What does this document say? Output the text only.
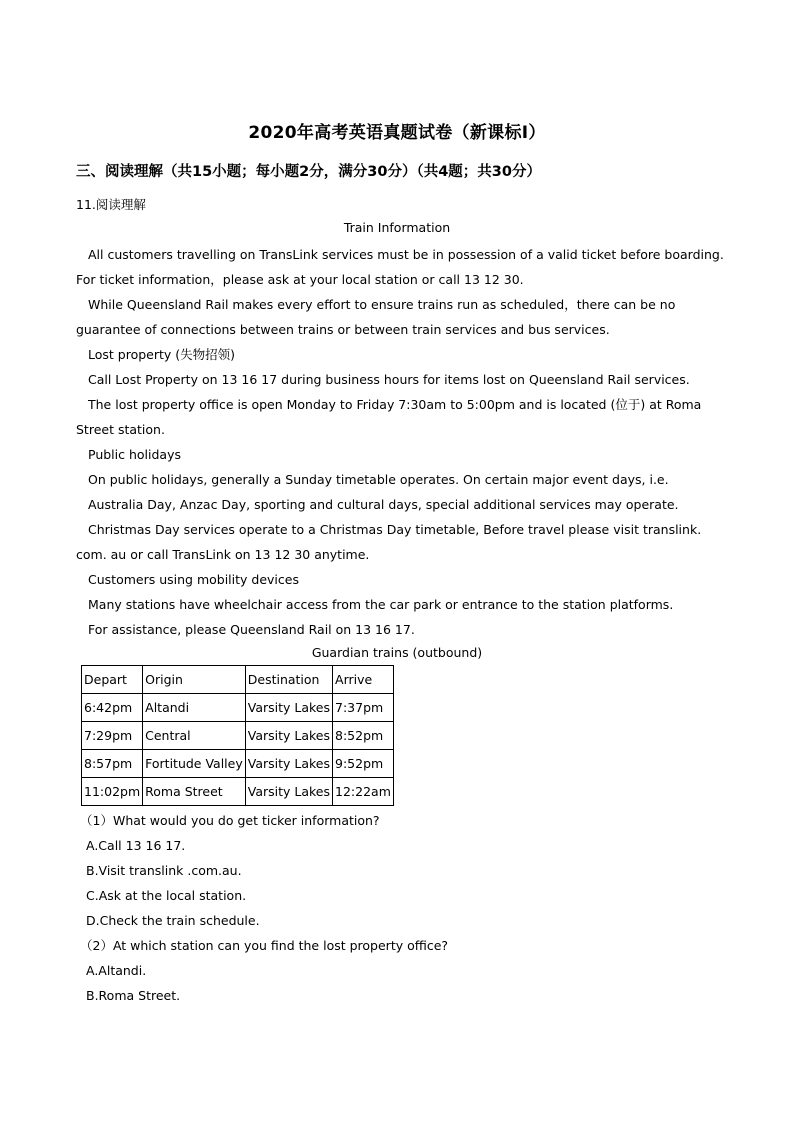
2020年高考英语真题试卷（新课标Ⅰ）
三、阅读理解（共15小题；每小题2分，满分30分）（共4题；共30分）
11.阅读理解
Train Information

All customers travelling on TransLink services must be in possession of a valid ticket before boarding. For ticket information，please ask at your local station or call 13 12 30.

While Queensland Rail makes every effort to ensure trains run as scheduled，there can be no guarantee of connections between trains or between train services and bus services.

Lost property (失物招领)

Call Lost Property on 13 16 17 during business hours for items lost on Queensland Rail services.

The lost property office is open Monday to Friday 7:30am to 5:00pm and is located (位于) at Roma Street station.

Public holidays

On public holidays, generally a Sunday timetable operates. On certain major event days, i.e.

Australia Day, Anzac Day, sporting and cultural days, special additional services may operate.

Christmas Day services operate to a Christmas Day timetable, Before travel please visit translink. com. au or call TransLink on 13 12 30 anytime.

Customers using mobility devices

Many stations have wheelchair access from the car park or entrance to the station platforms.

For assistance, please Queensland Rail on 13 16 17.

Guardian trains (outbound)
Depart	Origin	Destination	Arrive
6:42pm	Altandi	Varsity Lakes	7:37pm
7:29pm	Central	Varsity Lakes	8:52pm
8:57pm	Fortitude Valley	Varsity Lakes	9:52pm
11:02pm	Roma Street	Varsity Lakes	12:22am

（1）What would you do get ticker information?

A.Call 13 16 17.

B.Visit translink .com.au.

C.Ask at the local station.

D.Check the train schedule.

（2）At which station can you find the lost property office?

A.Altandi.

B.Roma Street.
